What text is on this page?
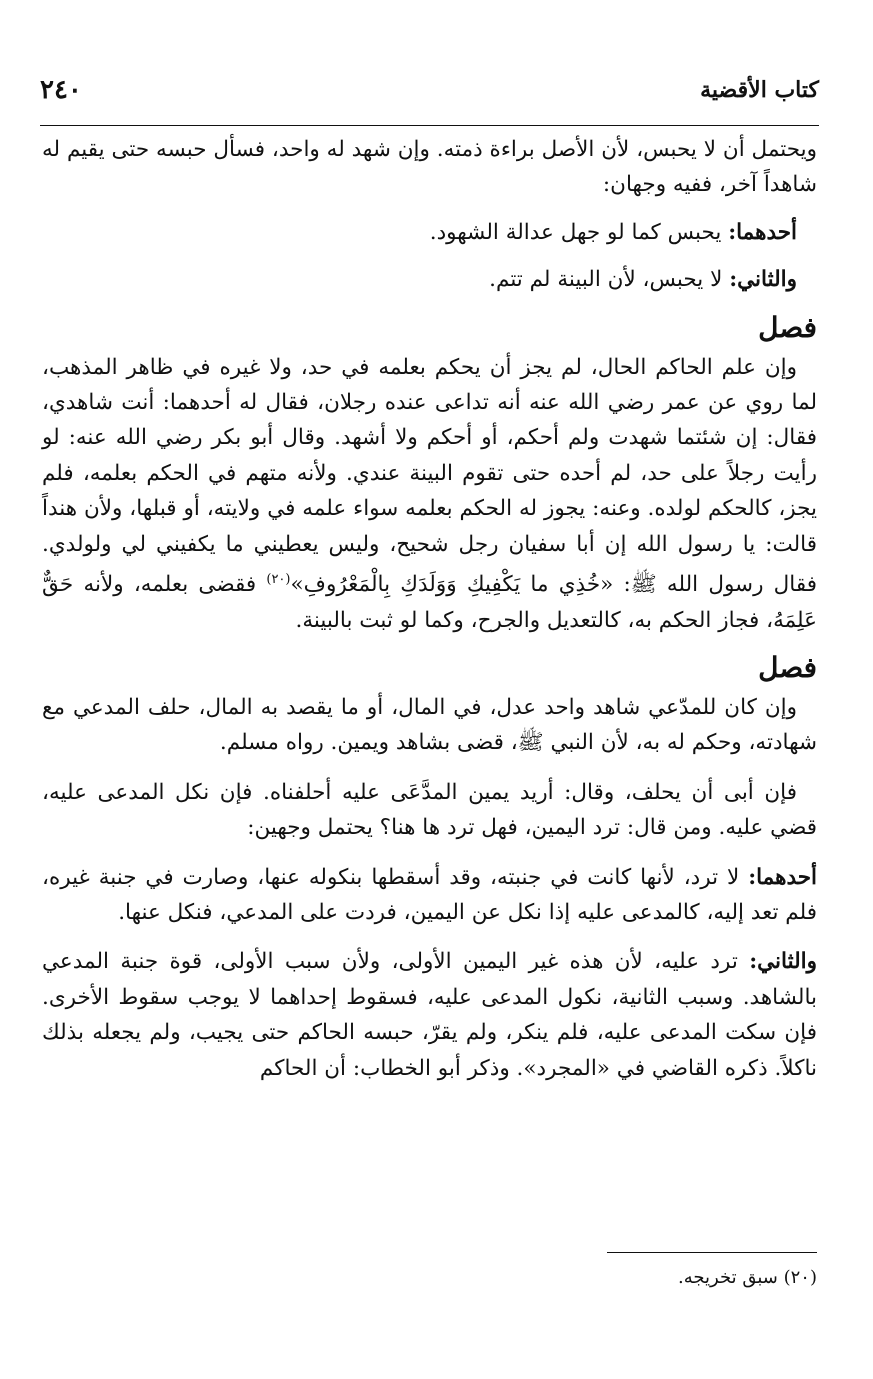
٢٤٠	كتاب الأقضية

ويحتمل أن لا يحبس، لأن الأصل براءة ذمته. وإن شهد له واحد، فسأل حبسه حتى يقيم له شاهداً آخر، ففيه وجهان:

أحدهما: يحبس كما لو جهل عدالة الشهود.

والثاني: لا يحبس، لأن البينة لم تتم.

فصل

وإن علم الحاكم الحال، لم يجز أن يحكم بعلمه في حد، ولا غيره في ظاهر المذهب، لما روي عن عمر رضي الله عنه أنه تداعى عنده رجلان، فقال له أحدهما: أنت شاهدي، فقال: إن شئتما شهدت ولم أحكم، أو أحكم ولا أشهد. وقال أبو بكر رضي الله عنه: لو رأيت رجلاً على حد، لم أحده حتى تقوم البينة عندي. ولأنه متهم في الحكم بعلمه، فلم يجز، كالحكم لولده. وعنه: يجوز له الحكم بعلمه سواء علمه في ولايته، أو قبلها، ولأن هنداً قالت: يا رسول الله إن أبا سفيان رجل شحيح، وليس يعطيني ما يكفيني لي ولولدي. فقال رسول الله ﷺ: «خُذِي ما يَكْفِيكِ وَوَلَدَكِ بِالْمَعْرُوفِ»$^{(٢٠)}$ فقضى بعلمه، ولأنه حَقٌّ عَلِمَهُ، فجاز الحكم به، كالتعديل والجرح، وكما لو ثبت بالبينة.

فصل

وإن كان للمدّعي شاهد واحد عدل، في المال، أو ما يقصد به المال، حلف المدعي مع شهادته، وحكم له به، لأن النبي ﷺ، قضى بشاهد ويمين. رواه مسلم.

فإن أبى أن يحلف، وقال: أريد يمين المدَّعَى عليه أحلفناه. فإن نكل المدعى عليه، قضي عليه. ومن قال: ترد اليمين، فهل ترد ها هنا؟ يحتمل وجهين:

أحدهما: لا ترد، لأنها كانت في جنبته، وقد أسقطها بنكوله عنها، وصارت في جنبة غيره، فلم تعد إليه، كالمدعى عليه إذا نكل عن اليمين، فردت على المدعي، فنكل عنها.

والثاني: ترد عليه، لأن هذه غير اليمين الأولى، ولأن سبب الأولى، قوة جنبة المدعي بالشاهد. وسبب الثانية، نكول المدعى عليه، فسقوط إحداهما لا يوجب سقوط الأخرى. فإن سكت المدعى عليه، فلم ينكر، ولم يقرّ، حبسه الحاكم حتى يجيب، ولم يجعله بذلك ناكلاً. ذكره القاضي في «المجرد». وذكر أبو الخطاب: أن الحاكم

(٢٠) سبق تخريجه.
